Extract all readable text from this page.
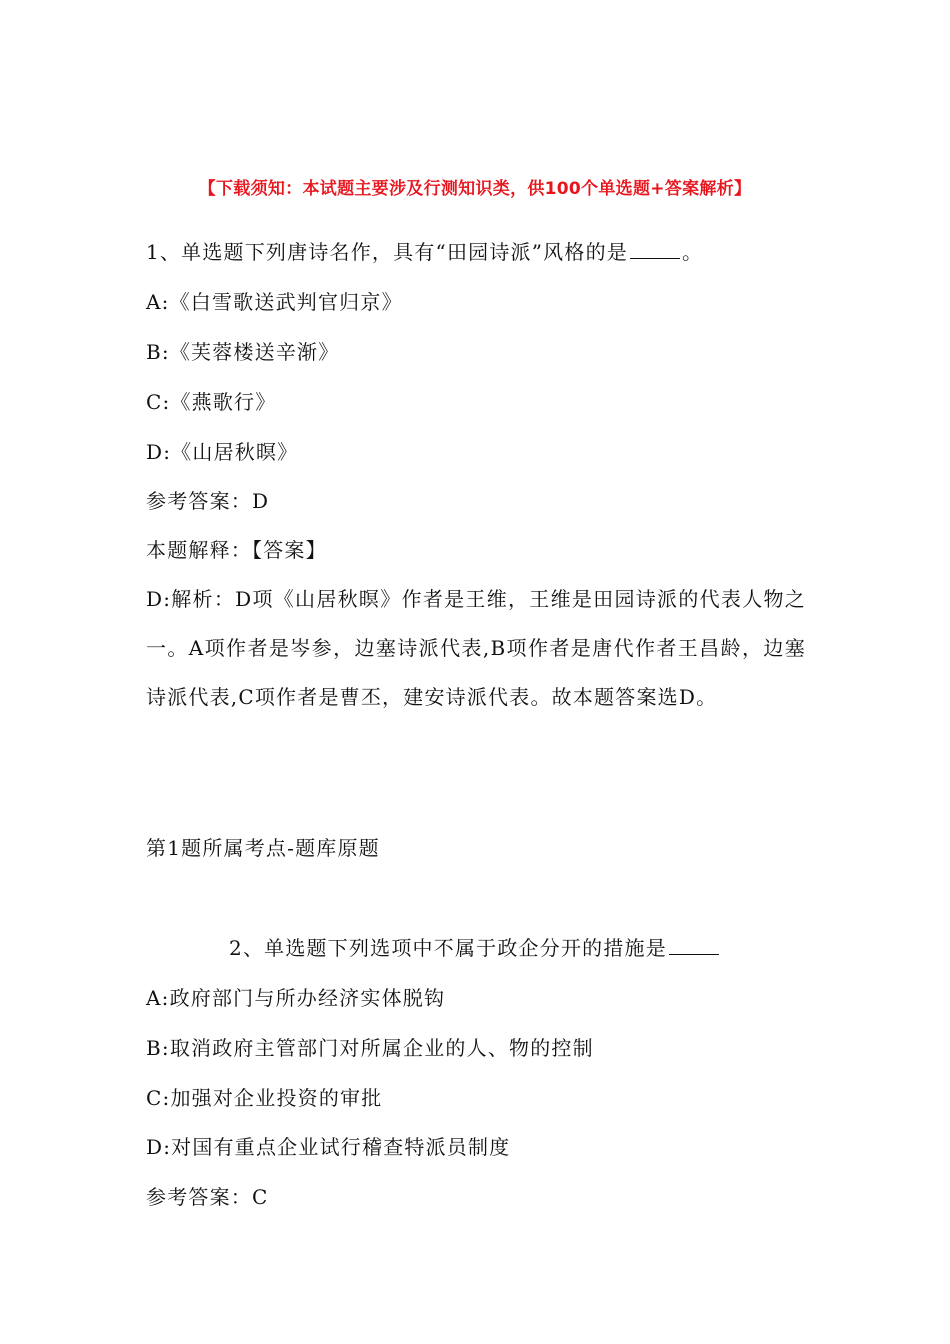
【下载须知：本试题主要涉及行测知识类，供100个单选题+答案解析】
1、单选题下列唐诗名作，具有“田园诗派”风格的是	。
A:《白雪歌送武判官归京》
B:《芙蓉楼送辛渐》
C:《燕歌行》
D:《山居秋暝》
参考答案：D
本题解释：【答案】
D:解析：D项《山居秋暝》作者是王维，王维是田园诗派的代表人物之一。A项作者是岑参，边塞诗派代表,B项作者是唐代作者王昌龄，边塞诗派代表,C项作者是曹丕，建安诗派代表。故本题答案选D。
第1题所属考点-题库原题
2、单选题下列选项中不属于政企分开的措施是
A:政府部门与所办经济实体脱钩
B:取消政府主管部门对所属企业的人、物的控制
C:加强对企业投资的审批
D:对国有重点企业试行稽查特派员制度
参考答案：C
